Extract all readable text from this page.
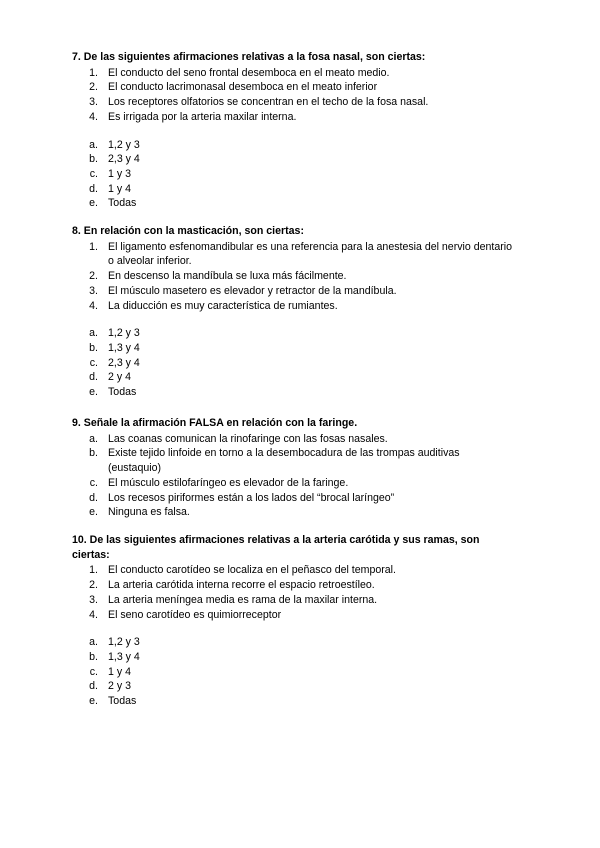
7. De las siguientes afirmaciones relativas a la fosa nasal, son ciertas:
1. El conducto del seno frontal desemboca en el meato medio.
2. El conducto lacrimonasal desemboca en el meato inferior
3. Los receptores olfatorios se concentran en el techo de la fosa nasal.
4. Es irrigada por la arteria maxilar interna.
a. 1,2 y 3
b. 2,3 y 4
c. 1 y 3
d. 1 y 4
e. Todas
8. En relación con la masticación, son ciertas:
1. El ligamento esfenomandibular es una referencia para la anestesia del nervio dentario o alveolar inferior.
2. En descenso la mandíbula se luxa más fácilmente.
3. El músculo masetero es elevador y retractor de la mandíbula.
4. La diducción es muy característica de rumiantes.
a. 1,2 y 3
b. 1,3 y 4
c. 2,3 y 4
d. 2 y 4
e. Todas
9. Señale la afirmación FALSA en relación con la faringe.
a. Las coanas comunican la rinofaringe con las fosas nasales.
b. Existe tejido linfoide en torno a la desembocadura de las trompas auditivas (eustaquio)
c. El músculo estilofaríngeo es elevador de la faringe.
d. Los recesos piriformes están a los lados del “brocal laríngeo”
e. Ninguna es falsa.
10. De las siguientes afirmaciones relativas a la arteria carótida y sus ramas, son ciertas:
1. El conducto carotídeo se localiza en el peñasco del temporal.
2. La arteria carótida interna recorre el espacio retroestíleo.
3. La arteria meníngea media es rama de la maxilar interna.
4. El seno carotídeo es quimiorreceptor
a. 1,2 y 3
b. 1,3 y 4
c. 1 y 4
d. 2 y 3
e. Todas
